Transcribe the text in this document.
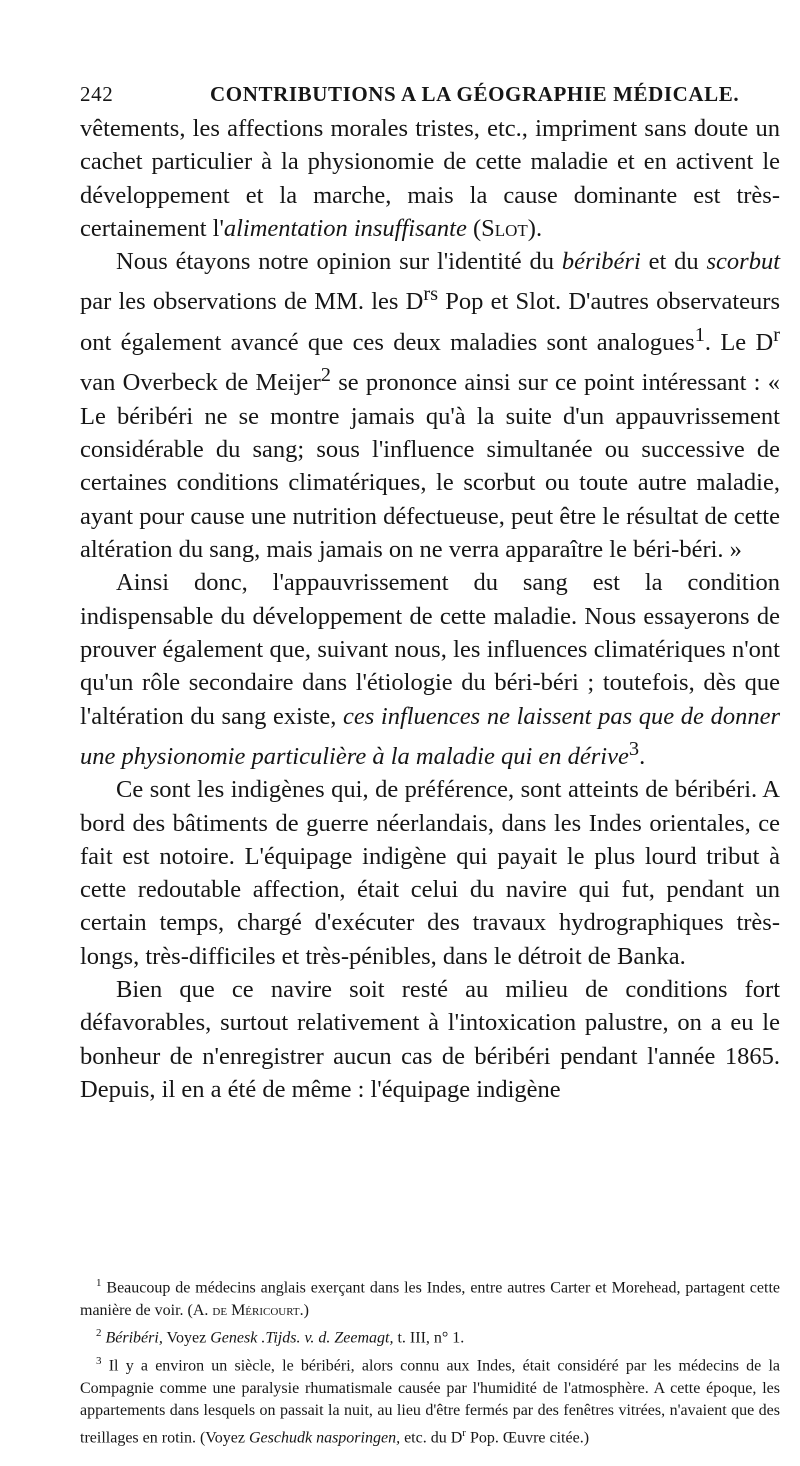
242	CONTRIBUTIONS A LA GÉOGRAPHIE MÉDICALE.

vêtements, les affections morales tristes, etc., impriment sans doute un cachet particulier à la physionomie de cette maladie et en activent le développement et la marche, mais la cause dominante est très-certainement l'alimentation insuffisante (Slot).

Nous étayons notre opinion sur l'identité du béribéri et du scorbut par les observations de MM. les $D^{rs}$ Pop et Slot. D'autres observateurs ont également avancé que ces deux maladies sont analogues$^1$. Le $D^r$ van Overbeck de Meijer$^2$ se prononce ainsi sur ce point intéressant : « Le béribéri ne se montre jamais qu'à la suite d'un appauvrissement considérable du sang; sous l'influence simultanée ou successive de certaines conditions climatériques, le scorbut ou toute autre maladie, ayant pour cause une nutrition défectueuse, peut être le résultat de cette altération du sang, mais jamais on ne verra apparaître le béri-béri. »

Ainsi donc, l'appauvrissement du sang est la condition indispensable du développement de cette maladie. Nous essayerons de prouver également que, suivant nous, les influences climatériques n'ont qu'un rôle secondaire dans l'étiologie du béri-béri ; toutefois, dès que l'altération du sang existe, ces influences ne laissent pas que de donner une physionomie particulière à la maladie qui en dérive$^3$.

Ce sont les indigènes qui, de préférence, sont atteints de béribéri. A bord des bâtiments de guerre néerlandais, dans les Indes orientales, ce fait est notoire. L'équipage indigène qui payait le plus lourd tribut à cette redoutable affection, était celui du navire qui fut, pendant un certain temps, chargé d'exécuter des travaux hydrographiques très-longs, très-difficiles et très-pénibles, dans le détroit de Banka.

Bien que ce navire soit resté au milieu de conditions fort défavorables, surtout relativement à l'intoxication palustre, on a eu le bonheur de n'enregistrer aucun cas de béribéri pendant l'année 1865. Depuis, il en a été de même : l'équipage indigène

$^1$ Beaucoup de médecins anglais exerçant dans les Indes, entre autres Carter et Morehead, partagent cette manière de voir. (A. de Méricourt.)

$^2$ Béribéri, Voyez Genesk .Tijds. v. d. Zeemagt, t. III, n° 1.

$^3$ Il y a environ un siècle, le béribéri, alors connu aux Indes, était considéré par les médecins de la Compagnie comme une paralysie rhumatismale causée par l'humidité de l'atmosphère. A cette époque, les appartements dans lesquels on passait la nuit, au lieu d'être fermés par des fenêtres vitrées, n'avaient que des treillages en rotin. (Voyez Geschudk nasporingen, etc. du $D^r$ Pop. Œuvre citée.)
